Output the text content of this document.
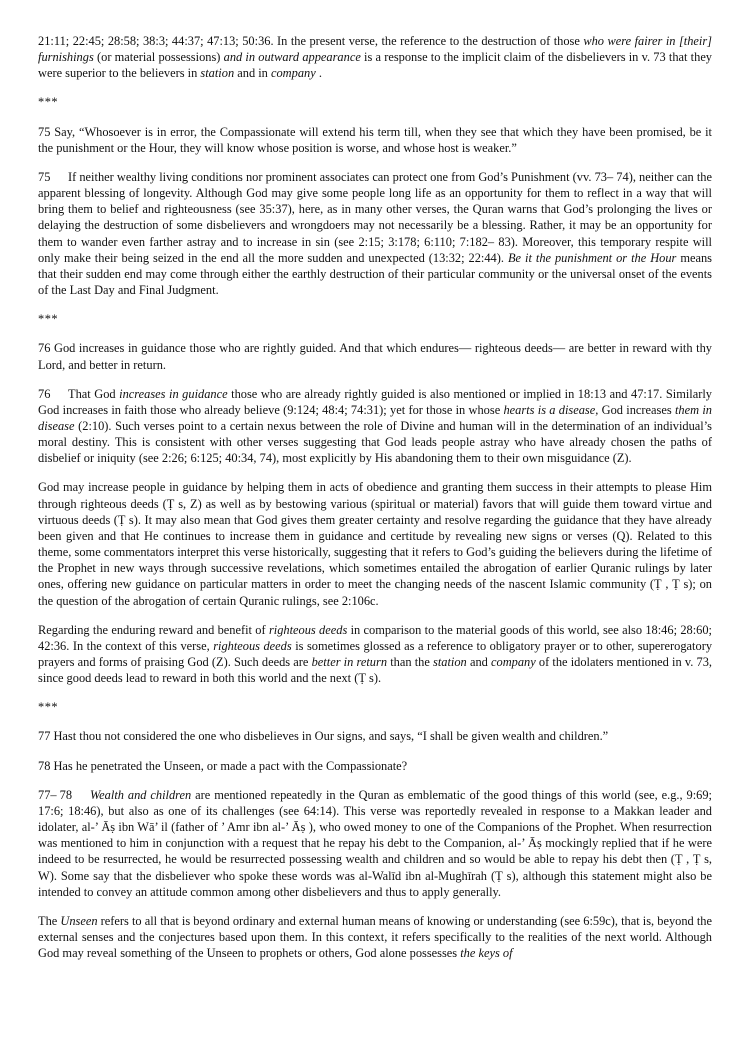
21:11; 22:45; 28:58; 38:3; 44:37; 47:13; 50:36. In the present verse, the reference to the destruction of those who were fairer in [their] furnishings (or material possessions) and in outward appearance is a response to the implicit claim of the disbelievers in v. 73 that they were superior to the believers in station and in company .

***

75 Say, “Whosoever is in error, the Compassionate will extend his term till, when they see that which they have been promised, be it the punishment or the Hour, they will know whose position is worse, and whose host is weaker.”

75 If neither wealthy living conditions nor prominent associates can protect one from God’s Punishment (vv. 73– 74), neither can the apparent blessing of longevity. Although God may give some people long life as an opportunity for them to reflect in a way that will bring them to belief and righteousness (see 35:37), here, as in many other verses, the Quran warns that God’s prolonging the lives or delaying the destruction of some disbelievers and wrongdoers may not necessarily be a blessing. Rather, it may be an opportunity for them to wander even farther astray and to increase in sin (see 2:15; 3:178; 6:110; 7:182– 83). Moreover, this temporary respite will only make their being seized in the end all the more sudden and unexpected (13:32; 22:44). Be it the punishment or the Hour means that their sudden end may come through either the earthly destruction of their particular community or the universal onset of the events of the Last Day and Final Judgment.

***

76 God increases in guidance those who are rightly guided. And that which endures— righteous deeds— are better in reward with thy Lord, and better in return.

76 That God increases in guidance those who are already rightly guided is also mentioned or implied in 18:13 and 47:17. Similarly God increases in faith those who already believe (9:124; 48:4; 74:31); yet for those in whose hearts is a disease, God increases them in disease (2:10). Such verses point to a certain nexus between the role of Divine and human will in the determination of an individual’s moral destiny. This is consistent with other verses suggesting that God leads people astray who have already chosen the paths of disbelief or iniquity (see 2:26; 6:125; 40:34, 74), most explicitly by His abandoning them to their own misguidance (Z).

God may increase people in guidance by helping them in acts of obedience and granting them success in their attempts to please Him through righteous deeds (Ṭ s, Z) as well as by bestowing various (spiritual or material) favors that will guide them toward virtue and virtuous deeds (Ṭ s). It may also mean that God gives them greater certainty and resolve regarding the guidance that they have already been given and that He continues to increase them in guidance and certitude by revealing new signs or verses (Q). Related to this theme, some commentators interpret this verse historically, suggesting that it refers to God’s guiding the believers during the lifetime of the Prophet in new ways through successive revelations, which sometimes entailed the abrogation of earlier Quranic rulings by later ones, offering new guidance on particular matters in order to meet the changing needs of the nascent Islamic community (Ṭ , Ṭ s); on the question of the abrogation of certain Quranic rulings, see 2:106c.

Regarding the enduring reward and benefit of righteous deeds in comparison to the material goods of this world, see also 18:46; 28:60; 42:36. In the context of this verse, righteous deeds is sometimes glossed as a reference to obligatory prayer or to other, supererogatory prayers and forms of praising God (Z). Such deeds are better in return than the station and company of the idolaters mentioned in v. 73, since good deeds lead to reward in both this world and the next (Ṭ s).

***

77 Hast thou not considered the one who disbelieves in Our signs, and says, “I shall be given wealth and children.”

78 Has he penetrated the Unseen, or made a pact with the Compassionate?

77– 78 Wealth and children are mentioned repeatedly in the Quran as emblematic of the good things of this world (see, e.g., 9:69; 17:6; 18:46), but also as one of its challenges (see 64:14). This verse was reportedly revealed in response to a Makkan leader and idolater, al-’ Āṣ ibn Wā’ il (father of ’ Amr ibn al-’ Āṣ ), who owed money to one of the Companions of the Prophet. When resurrection was mentioned to him in conjunction with a request that he repay his debt to the Companion, al-’ Āṣ mockingly replied that if he were indeed to be resurrected, he would be resurrected possessing wealth and children and so would be able to repay his debt then (Ṭ , Ṭ s, W). Some say that the disbeliever who spoke these words was al-Walīd ibn al-Mughīrah (Ṭ s), although this statement might also be intended to convey an attitude common among other disbelievers and thus to apply generally.

The Unseen refers to all that is beyond ordinary and external human means of knowing or understanding (see 6:59c), that is, beyond the external senses and the conjectures based upon them. In this context, it refers specifically to the realities of the next world. Although God may reveal something of the Unseen to prophets or others, God alone possesses the keys of
